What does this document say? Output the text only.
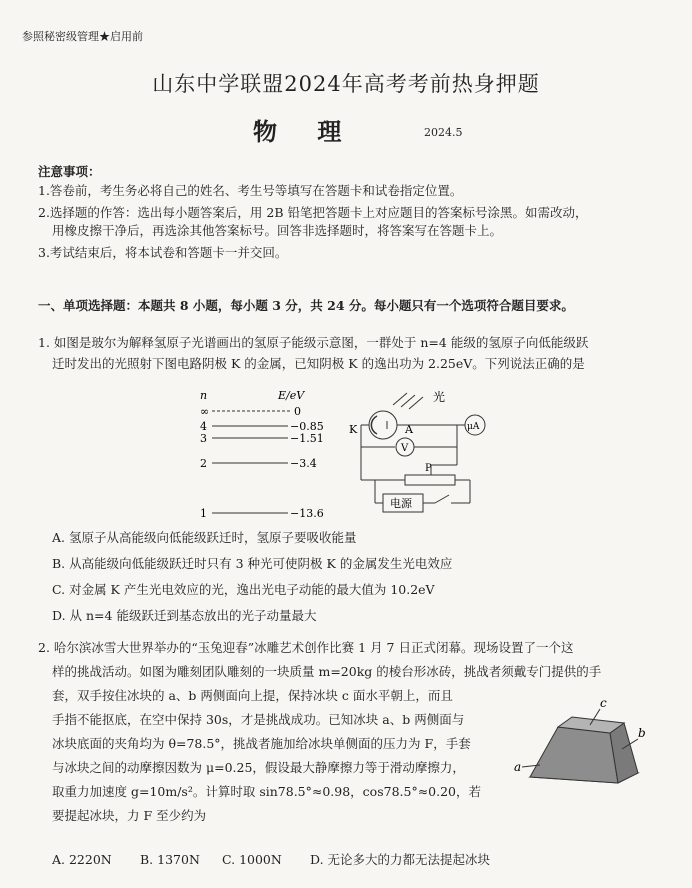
参照秘密级管理★启用前
山东中学联盟2024年高考考前热身押题
物 理	2024.5
注意事项：
1.答卷前，考生务必将自己的姓名、考生号等填写在答题卡和试卷指定位置。
2.选择题的作答：选出每小题答案后，用 2B 铅笔把答题卡上对应题目的答案标号涂黑。如需改动，
用橡皮擦干净后，再选涂其他答案标号。回答非选择题时，将答案写在答题卡上。
3.考试结束后，将本试卷和答题卡一并交回。
一、单项选择题：本题共 8 小题，每小题 3 分，共 24 分。每小题只有一个选项符合题目要求。
1. 如图是玻尔为解释氢原子光谱画出的氢原子能级示意图，一群处于 n=4 能级的氢原子向低能级跃
迁时发出的光照射下图电路阴极 K 的金属，已知阴极 K 的逸出功为 2.25eV。下列说法正确的是
n	E/eV
∞	0
4	−0.85
3	−1.51
2	−3.4
1	−13.6
光
K	A	μA
V
P
电源
A. 氢原子从高能级向低能级跃迁时，氢原子要吸收能量
B. 从高能级向低能级跃迁时只有 3 种光可使阴极 K 的金属发生光电效应
C. 对金属 K 产生光电效应的光，逸出光电子动能的最大值为 10.2eV
D. 从 n=4 能级跃迁到基态放出的光子动量最大
2. 哈尔滨冰雪大世界举办的“玉兔迎春”冰雕艺术创作比赛 1 月 7 日正式闭幕。现场设置了一个这
样的挑战活动。如图为雕刻团队雕刻的一块质量 m=20kg 的棱台形冰砖，挑战者须戴专门提供的手
套，双手按住冰块的 a、b 两侧面向上提，保持冰块 c 面水平朝上，而且
手指不能抠底，在空中保持 30s，才是挑战成功。已知冰块 a、b 两侧面与
冰块底面的夹角均为 θ=78.5°，挑战者施加给冰块单侧面的压力为 F，手套
与冰块之间的动摩擦因数为 μ=0.25，假设最大静摩擦力等于滑动摩擦力，
取重力加速度 g=10m/s²。计算时取 sin78.5°≈0.98，cos78.5°≈0.20，若
要提起冰块，力 F 至少约为
a
b
c
A. 2220N B. 1370N C. 1000N D. 无论多大的力都无法提起冰块
